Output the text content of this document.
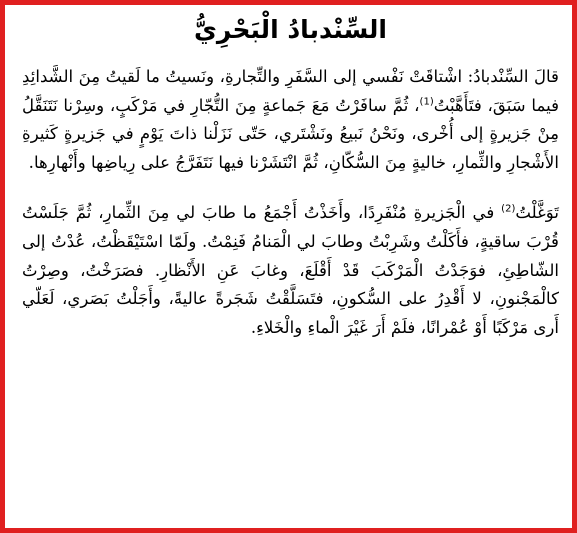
السِّنْدبادُ الْبَحْرِيُّ

قالَ السِّنْدبادُ: اشْتاقَتْ نَفْسي إلى السَّفَرِ والتِّجارةِ، ونَسيتُ ما لَقيتُ مِنَ الشَّدائِدِ فيما سَبَقَ، فتَأَهَّبْتُ$^{(1)}$، ثُمَّ سافَرْتُ مَعَ جَماعةٍ مِنَ التُّجّارِ في مَرْكَبٍ، وسِرْنا نَتَنَقَّلُ مِنْ جَزيرةٍ إلى أُخْرى، ونَحْنُ نَبيعُ ونَشْتَري، حَتّى نَزَلْنا ذاتَ يَوْمٍ في جَزيرةٍ كَثيرةِ الأَشْجارِ والثِّمارِ، خاليةٍ مِنَ السُّكّانِ، ثُمَّ انْتَشَرْنا فيها نَتَفَرَّجُ على رِياضِها وأَنْهارِها.

تَوَغَّلْتُ$^{(2)}$ في الْجَزيرةِ مُنْفَرِدًا، وأَخَذْتُ أَجْمَعُ ما طابَ لي مِنَ الثِّمارِ، ثُمَّ جَلَسْتُ قُرْبَ ساقيةٍ، فأَكَلْتُ وشَرِبْتُ وطابَ لي الْمَنامُ فَنِمْتُ. ولَمّا اسْتَيْقَظْتُ، عُدْتُ إلى الشّاطِئِ، فوَجَدْتُ الْمَرْكَبَ قَدْ أَقْلَعَ، وغابَ عَنِ الأَنْظارِ. فصَرَخْتُ، وصِرْتُ كالْمَجْنونِ، لا أَقْدِرُ على السُّكونِ، فتَسَلَّقْتُ شَجَرةً عاليةً، وأَجَلْتُ بَصَري، لَعَلّي أَرى مَرْكَبًا أَوْ عُمْرانًا، فلَمْ أَرَ غَيْرَ الْماءِ والْخَلاءِ.
